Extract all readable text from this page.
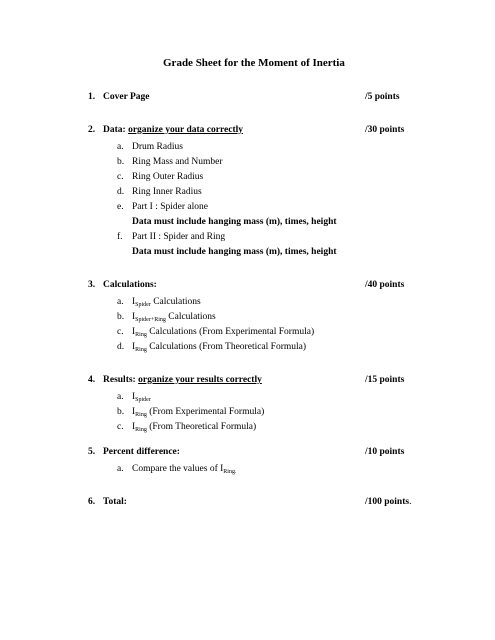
Grade Sheet for the Moment of Inertia
1. Cover Page	/5 points
2. Data: organize your data correctly	/30 points
a. Drum Radius
b. Ring Mass and Number
c. Ring Outer Radius
d. Ring Inner Radius
e. Part I : Spider alone
Data must include hanging mass (m), times, height
f. Part II : Spider and Ring
Data must include hanging mass (m), times, height
3. Calculations:	/40 points
a. $I_{Spider}$ Calculations
b. $I_{Spider+Ring}$ Calculations
c. $I_{Ring}$ Calculations (From Experimental Formula)
d. $I_{Ring}$ Calculations (From Theoretical Formula)
4. Results: organize your results correctly	/15 points
a. $I_{Spider}$
b. $I_{Ring}$ (From Experimental Formula)
c. $I_{Ring}$ (From Theoretical Formula)
5. Percent difference:	/10 points
a. Compare the values of $I_{Ring.}$
6. Total:	/100 points.
